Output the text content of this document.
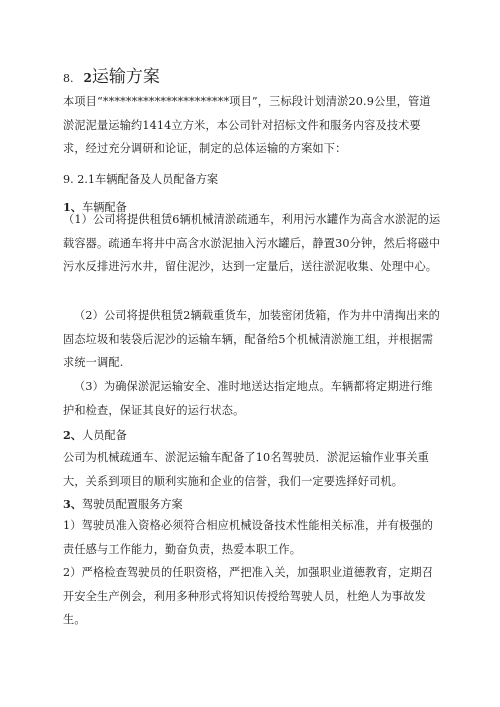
8. 2运输方案

本项目“**********************项目”，三标段计划清淤20.9公里，管道淤泥泥量运输约1414立方米，本公司针对招标文件和服务内容及技术要求，经过充分调研和论证，制定的总体运输的方案如下：

9. 2.1车辆配备及人员配备方案
1、车辆配备

（1）公司将提供租赁6辆机械清淤疏通车，利用污水罐作为高含水淤泥的运载容器。疏通车将井中高含水淤泥抽入污水罐后，静置30分钟，然后将磁中污水反排进污水井，留住泥沙，达到一定量后，送往淤泥收集、处理中心。

（2）公司将提供租赁2辆载重货车，加装密闭货箱，作为井中清掏出来的固态垃圾和装袋后泥沙的运输车辆，配备给5个机械清淤施工组，并根据需求统一调配.

（3）为确保淤泥运输安全、准时地送达指定地点。车辆都将定期进行维护和检查，保证其良好的运行状态。

2、人员配备

公司为机械疏通车、淤泥运输车配备了10名驾驶员．淤泥运输作业事关重大，关系到项目的顺利实施和企业的信誉，我们一定要选择好司机。

3、驾驶员配置服务方案

1）驾驶员准入资格必须符合相应机械设备技术性能相关标准，并有极强的责任感与工作能力，勤奋负责，热爱本职工作。

2）严格检查驾驶员的任职资格，严把准入关，加强职业道德教育，定期召开安全生产例会，利用多种形式将知识传授给驾驶人员，杜绝人为事故发生。
